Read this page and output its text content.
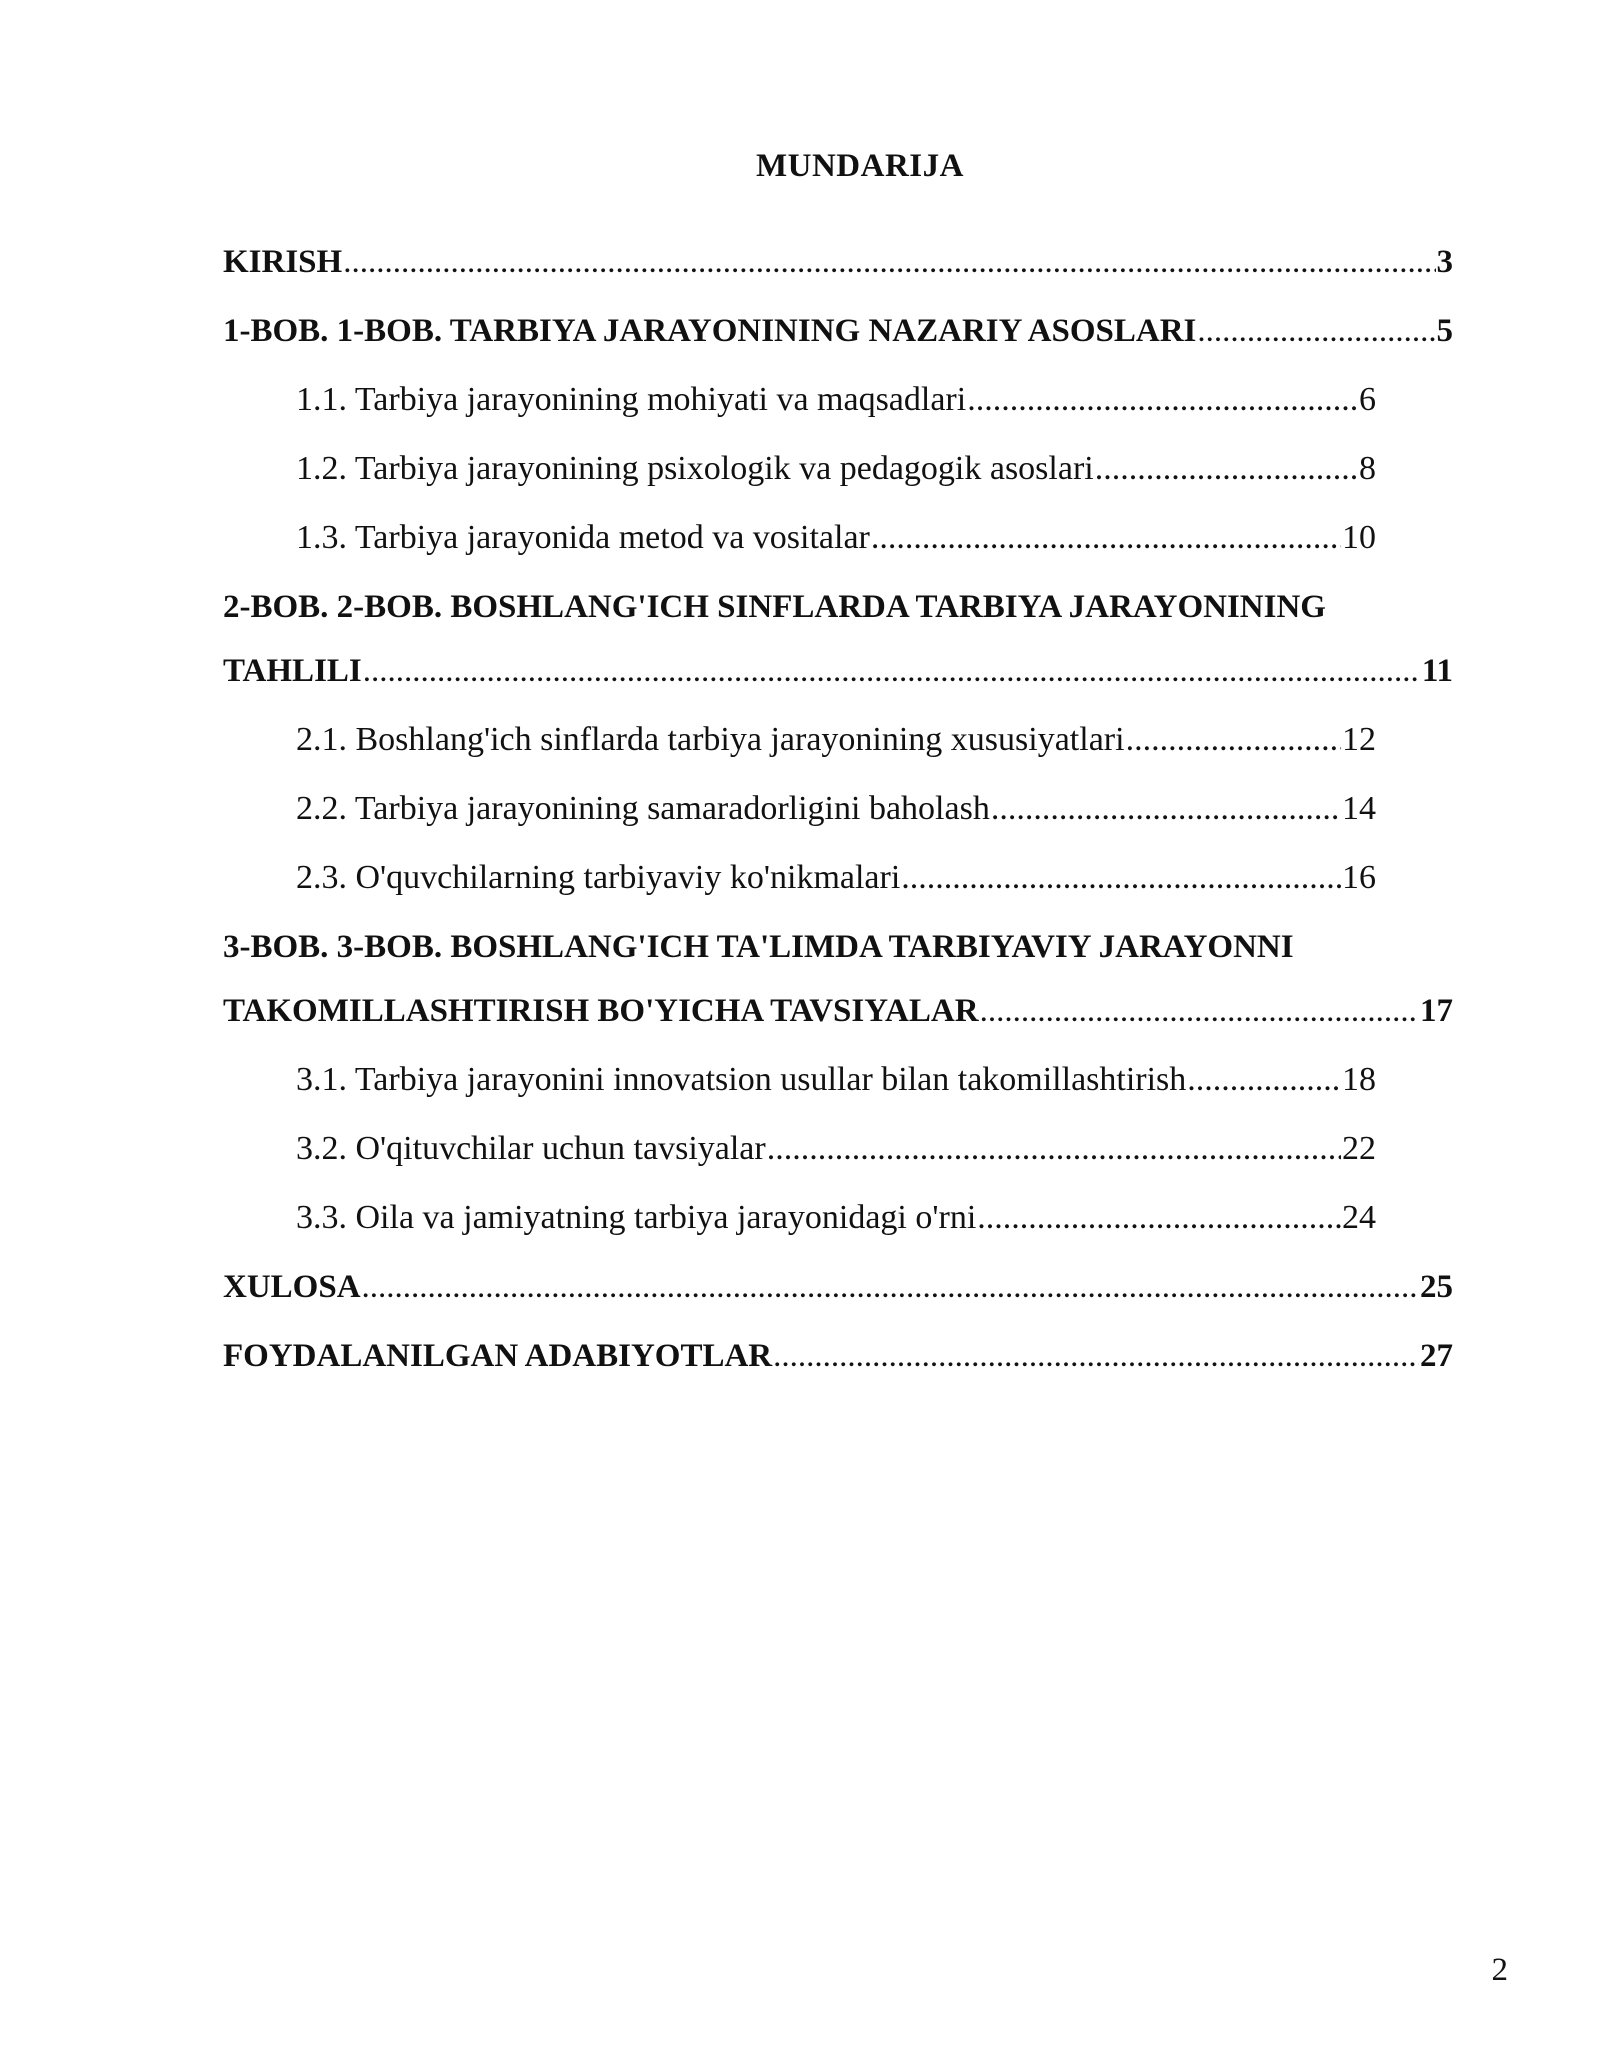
MUNDARIJA
KIRISH .....	3
1-BOB. 1-BOB. TARBIYA JARAYONINING NAZARIY ASOSLARI .....	5
1.1. Tarbiya jarayonining mohiyati va maqsadlari .....	6
1.2. Tarbiya jarayonining psixologik va pedagogik asoslari .....	8
1.3. Tarbiya jarayonida metod va vositalar .....	10
2-BOB. 2-BOB. BOSHLANG'ICH SINFLARDA TARBIYA JARAYONINING
TAHLILI .....	11
2.1. Boshlang'ich sinflarda tarbiya jarayonining xususiyatlari .....	12
2.2. Tarbiya jarayonining samaradorligini baholash .....	14
2.3. O'quvchilarning tarbiyaviy ko'nikmalari .....	16
3-BOB. 3-BOB. BOSHLANG'ICH TA'LIMDA TARBIYAVIY JARAYONNI
TAKOMILLASHTIRISH BO'YICHA TAVSIYALAR .....	17
3.1. Tarbiya jarayonini innovatsion usullar bilan takomillashtirish .....	18
3.2. O'qituvchilar uchun tavsiyalar .....	22
3.3. Oila va jamiyatning tarbiya jarayonidagi o'rni .....	24
XULOSA .....	25
FOYDALANILGAN ADABIYOTLAR .....	27
2
